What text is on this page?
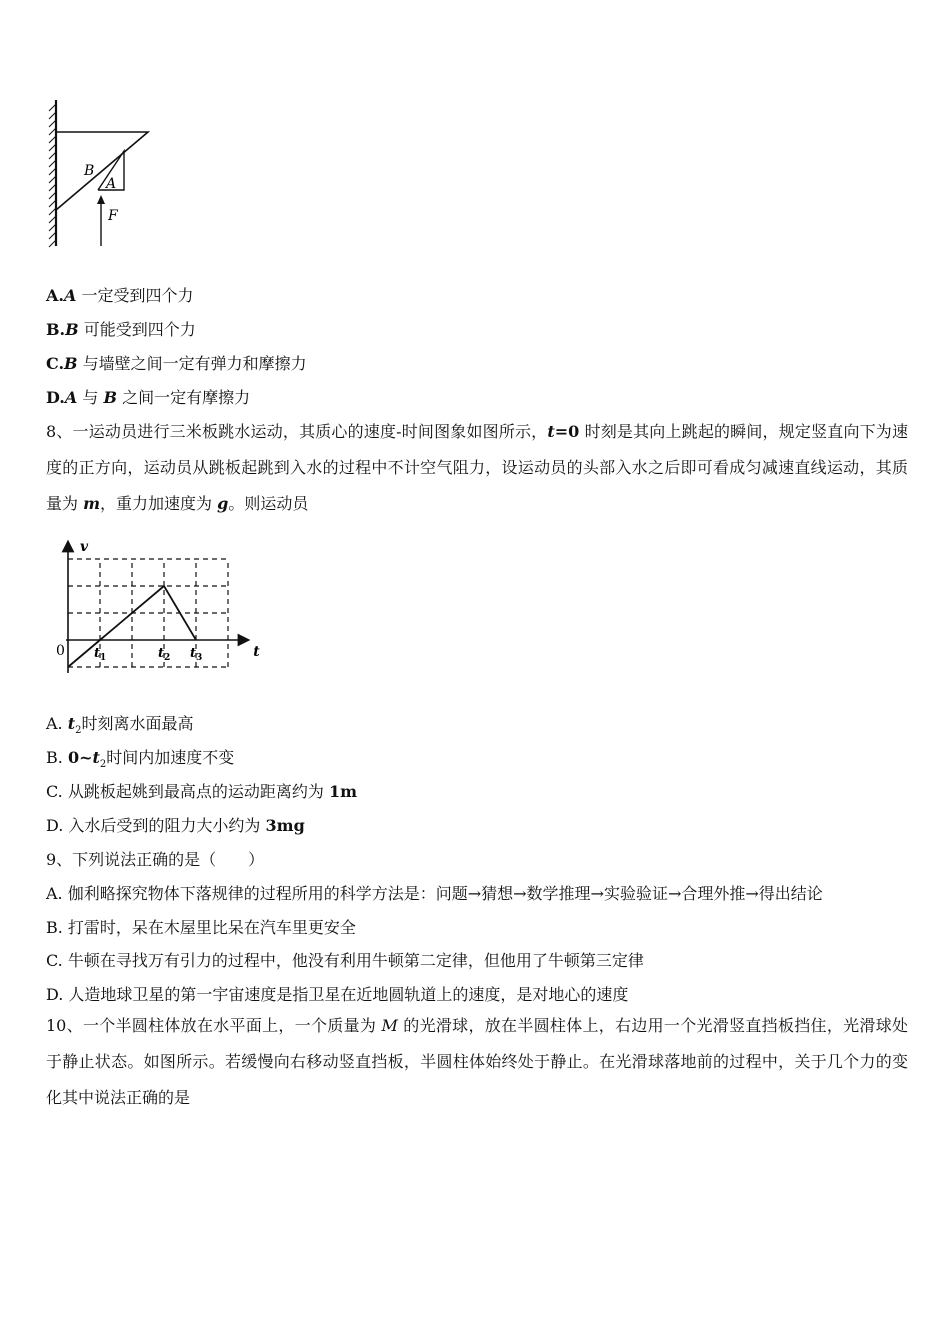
B
A
F
A.A 一定受到四个力
B.B 可能受到四个力
C.B 与墙壁之间一定有弹力和摩擦力
D.A 与 B 之间一定有摩擦力
8、一运动员进行三米板跳水运动，其质心的速度-时间图象如图所示，t=0 时刻是其向上跳起的瞬间，规定竖直向下为速度的正方向，运动员从跳板起跳到入水的过程中不计空气阻力，设运动员的头部入水之后即可看成匀减速直线运动，其质量为 m，重力加速度为 g。则运动员
v
t
0 $t_1$	$t_2$ $t_3$
A. $t_2$时刻离水面最高
B. $0\sim t_2$时间内加速度不变
C. 从跳板起姚到最高点的运动距离约为 1m
D. 入水后受到的阻力大小约为 3mg
9、下列说法正确的是（　　）
A. 伽利略探究物体下落规律的过程所用的科学方法是：问题→猜想→数学推理→实验验证→合理外推→得出结论
B. 打雷时，呆在木屋里比呆在汽车里更安全
C. 牛顿在寻找万有引力的过程中，他没有利用牛顿第二定律，但他用了牛顿第三定律
D. 人造地球卫星的第一宇宙速度是指卫星在近地圆轨道上的速度，是对地心的速度
10、一个半圆柱体放在水平面上，一个质量为 M 的光滑球，放在半圆柱体上，右边用一个光滑竖直挡板挡住，光滑球处于静止状态。如图所示。若缓慢向右移动竖直挡板，半圆柱体始终处于静止。在光滑球落地前的过程中，关于几个力的变化其中说法正确的是
